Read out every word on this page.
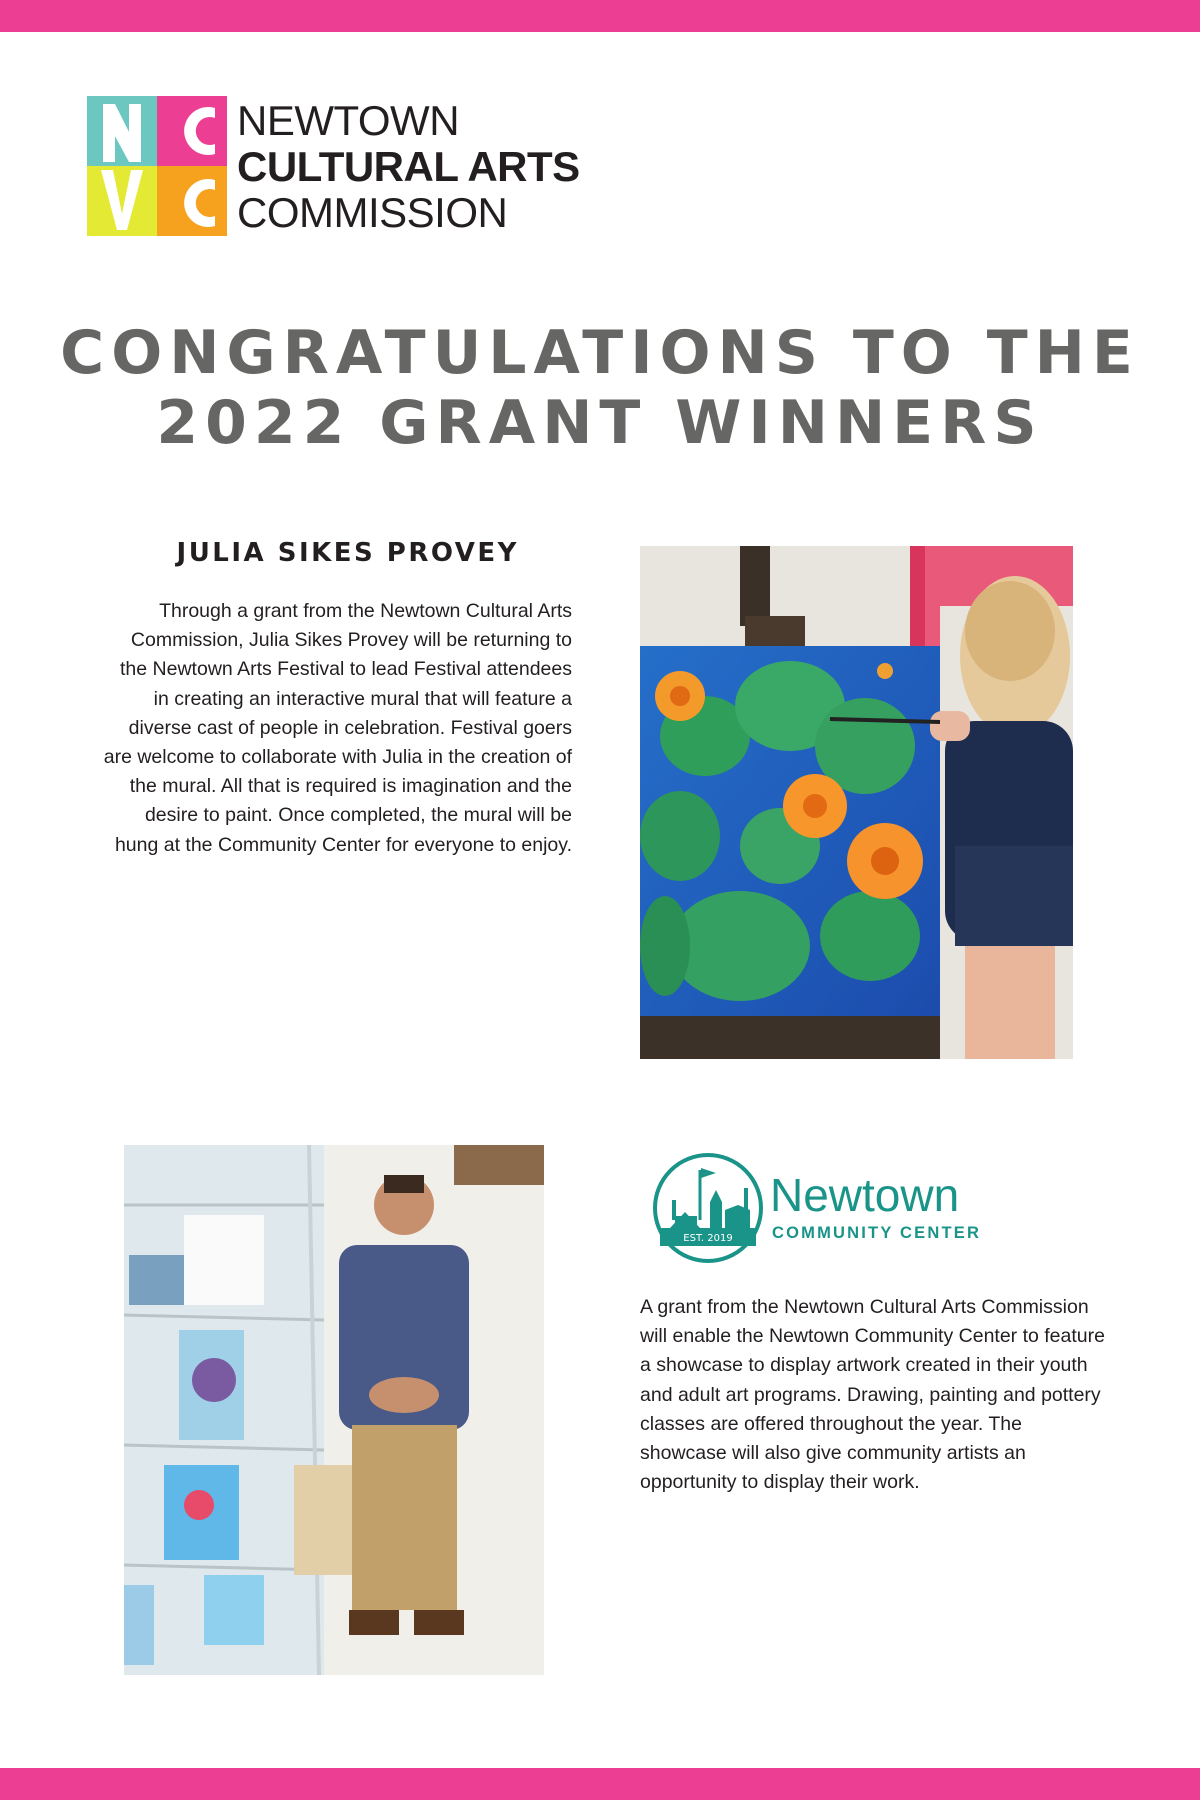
NEWTOWN
CULTURAL ARTS
COMMISSION
CONGRATULATIONS TO THE
2022 GRANT WINNERS
JULIA SIKES PROVEY
Through a grant from the Newtown Cultural Arts Commission, Julia Sikes Provey will be returning to the Newtown Arts Festival to lead Festival attendees in creating an interactive mural that will feature a diverse cast of people in celebration. Festival goers are welcome to collaborate with Julia in the creation of the mural. All that is required is imagination and the desire to paint. Once completed, the mural will be hung at the Community Center for everyone to enjoy.
EST. 2019
Newtown
COMMUNITY CENTER
A grant from the Newtown Cultural Arts Commission will enable the Newtown Community Center to feature a showcase to display artwork created in their youth and adult art programs. Drawing, painting and pottery classes are offered throughout the year. The showcase will also give community artists an opportunity to display their work.
